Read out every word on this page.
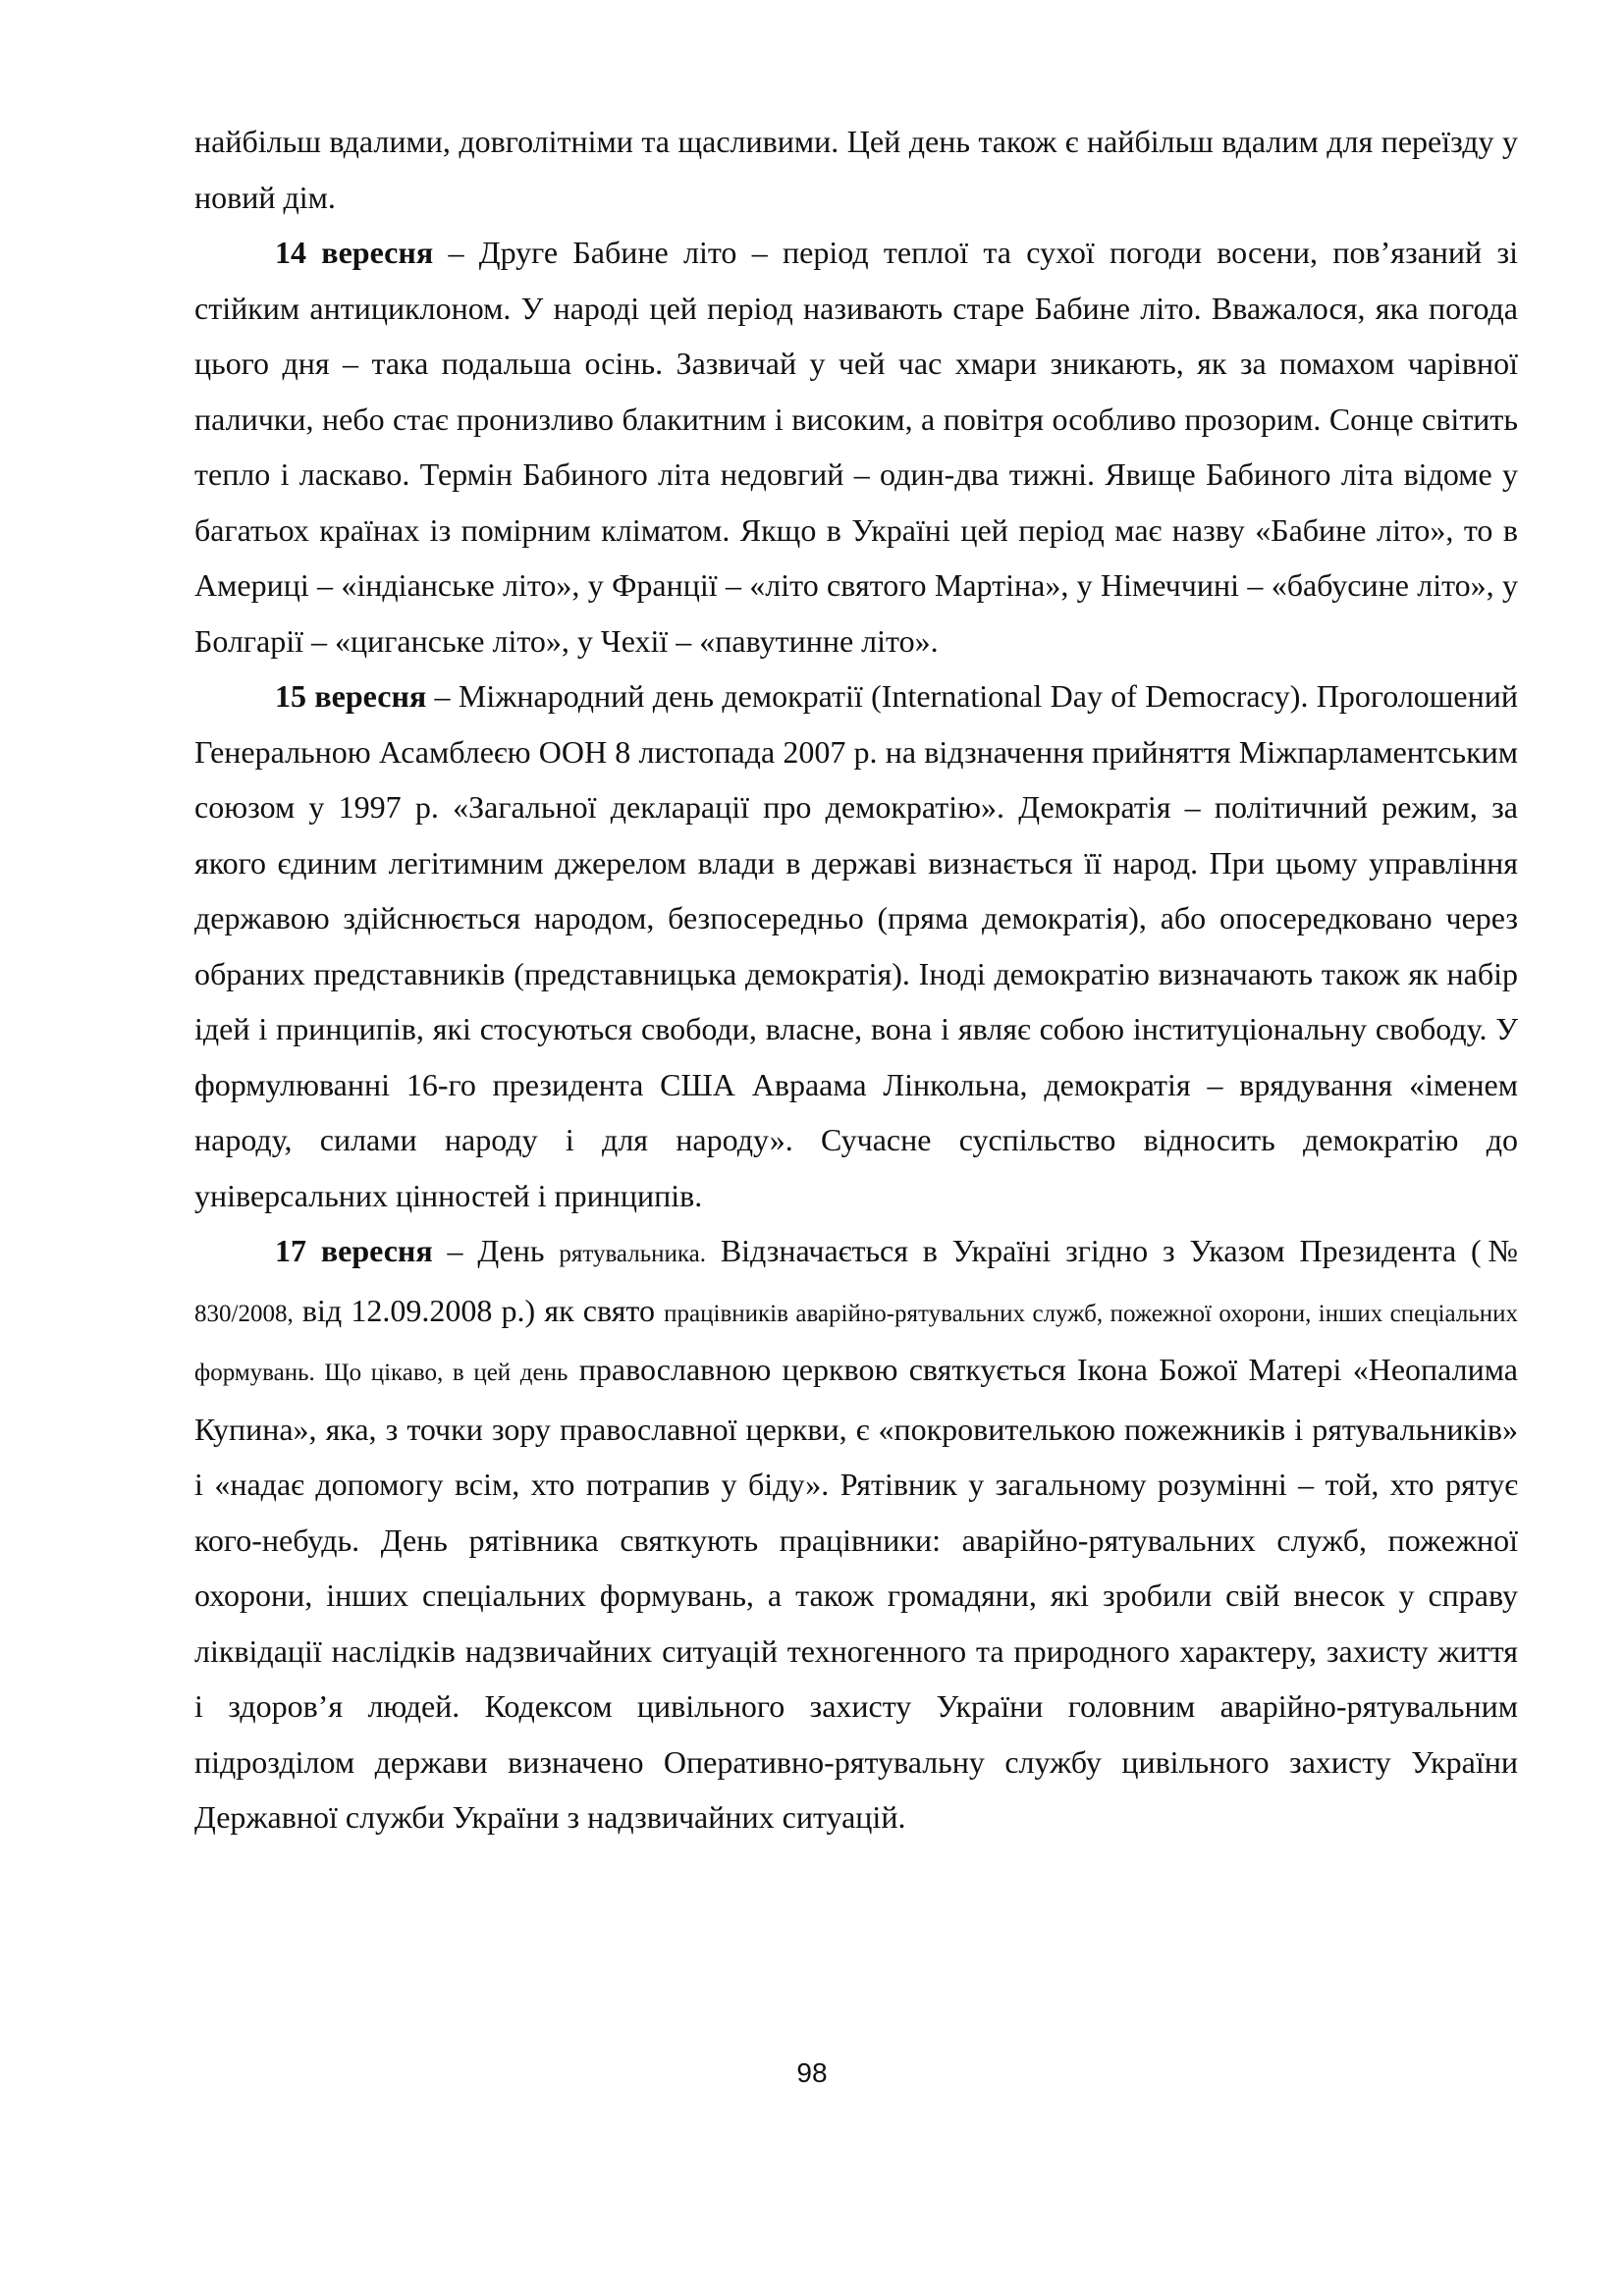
найбільш вдалими, довголітніми та щасливими. Цей день також є найбільш вдалим для переїзду у новий дім.

14 вересня – Друге Бабине літо – період теплої та сухої погоди восени, пов’язаний зі стійким антициклоном. У народі цей період називають старе Бабине літо. Вважалося, яка погода цього дня – така подальша осінь. Зазвичай у чей час хмари зникають, як за помахом чарівної палички, небо стає пронизливо блакитним і високим, а повітря особливо прозорим. Сонце світить тепло і ласкаво. Термін Бабиного літа недовгий – один-два тижні. Явище Бабиного літа відоме у багатьох країнах із помірним кліматом. Якщо в Україні цей період має назву «Бабине літо», то в Америці – «індіанське літо», у Франції – «літо святого Мартіна», у Німеччині – «бабусине літо», у Болгарії – «циганське літо», у Чехії – «павутинне літо».

15 вересня – Міжнародний день демократії (International Day of Democracy). Проголошений Генеральною Асамблеєю ООН 8 листопада 2007 р. на відзначення прийняття Міжпарламентським союзом у 1997 р. «Загальної декларації про демократію». Демократія – політичний режим, за якого єдиним легітимним джерелом влади в державі визнається її народ. При цьому управління державою здійснюється народом, безпосередньо (пряма демократія), або опосередковано через обраних представників (представницька демократія). Іноді демократію визначають також як набір ідей і принципів, які стосуються свободи, власне, вона і являє собою інституціональну свободу. У формулюванні 16-го президента США Авраама Лінкольна, демократія – врядування «іменем народу, силами народу і для народу». Сучасне суспільство відносить демократію до універсальних цінностей і принципів.

17 вересня – День рятувальника. Відзначається в Україні згідно з Указом Президента (№ 830/2008, від 12.09.2008 р.) як свято працівників аварійно-рятувальних служб, пожежної охорони, інших спеціальних формувань. Що цікаво, в цей день православною церквою святкується Ікона Божої Матері «Неопалима Купина», яка, з точки зору православної церкви, є «покровителькою пожежників і рятувальників» і «надає допомогу всім, хто потрапив у біду». Рятівник у загальному розумінні – той, хто рятує кого-небудь. День рятівника святкують працівники: аварійно-рятувальних служб, пожежної охорони, інших спеціальних формувань, а також громадяни, які зробили свій внесок у справу ліквідації наслідків надзвичайних ситуацій техногенного та природного характеру, захисту життя і здоров’я людей. Кодексом цивільного захисту України головним аварійно-рятувальним підрозділом держави визначено Оперативно-рятувальну службу цивільного захисту України Державної служби України з надзвичайних ситуацій.

98
